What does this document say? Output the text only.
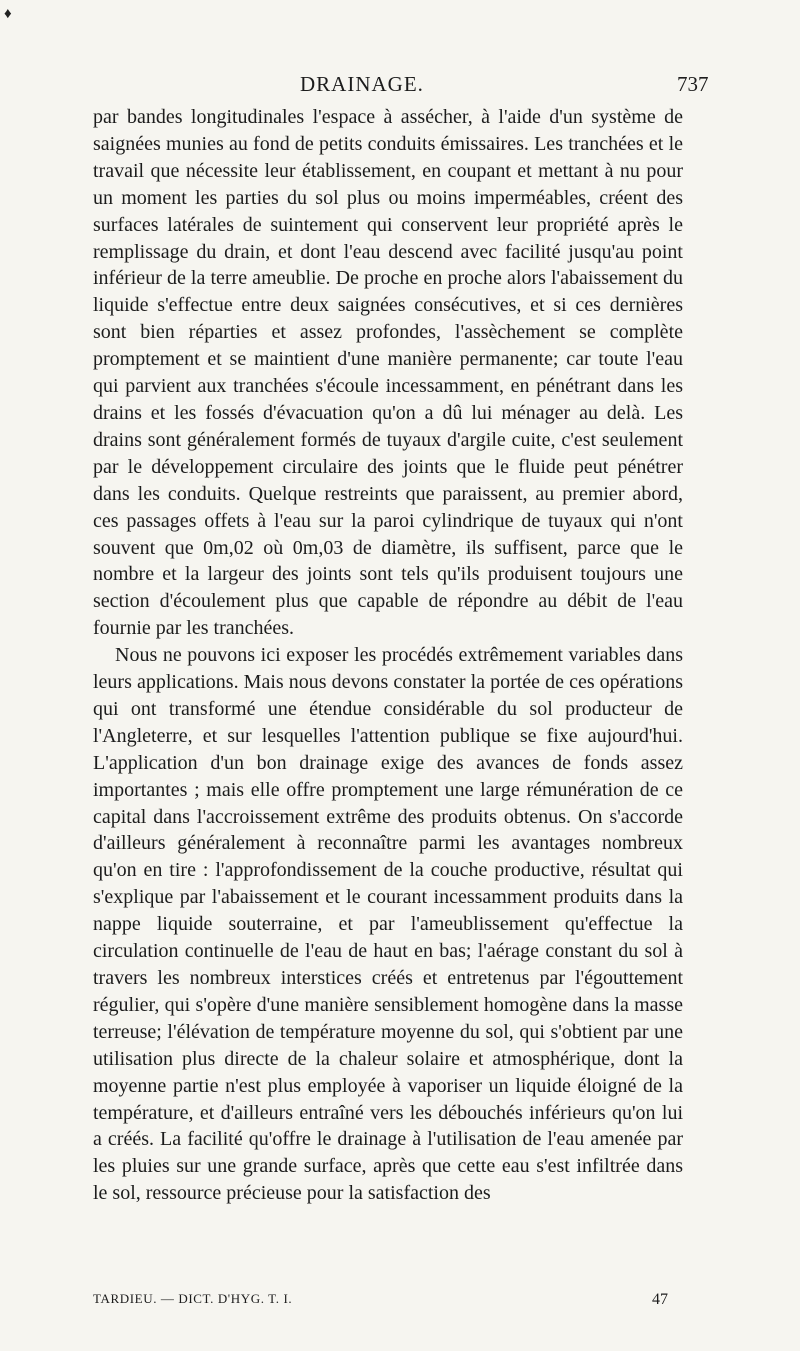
♦
DRAINAGE.	737

par bandes longitudinales l'espace à assécher, à l'aide d'un système de saignées munies au fond de petits conduits émissaires. Les tranchées et le travail que nécessite leur établissement, en coupant et mettant à nu pour un moment les parties du sol plus ou moins imperméables, créent des surfaces latérales de suintement qui conservent leur propriété après le remplissage du drain, et dont l'eau descend avec facilité jusqu'au point inférieur de la terre ameublie. De proche en proche alors l'abaissement du liquide s'effectue entre deux saignées consécutives, et si ces dernières sont bien réparties et assez profondes, l'assèchement se complète promptement et se maintient d'une manière permanente; car toute l'eau qui parvient aux tranchées s'écoule incessamment, en pénétrant dans les drains et les fossés d'évacuation qu'on a dû lui ménager au delà. Les drains sont généralement formés de tuyaux d'argile cuite, c'est seulement par le développement circulaire des joints que le fluide peut pénétrer dans les conduits. Quelque restreints que paraissent, au premier abord, ces passages offets à l'eau sur la paroi cylindrique de tuyaux qui n'ont souvent que 0m,02 où 0m,03 de diamètre, ils suffisent, parce que le nombre et la largeur des joints sont tels qu'ils produisent toujours une section d'écoulement plus que capable de répondre au débit de l'eau fournie par les tranchées.

Nous ne pouvons ici exposer les procédés extrêmement variables dans leurs applications. Mais nous devons constater la portée de ces opérations qui ont transformé une étendue considérable du sol producteur de l'Angleterre, et sur lesquelles l'attention publique se fixe aujourd'hui. L'application d'un bon drainage exige des avances de fonds assez importantes ; mais elle offre promptement une large rémunération de ce capital dans l'accroissement extrême des produits obtenus. On s'accorde d'ailleurs généralement à reconnaître parmi les avantages nombreux qu'on en tire : l'approfondissement de la couche productive, résultat qui s'explique par l'abaissement et le courant incessamment produits dans la nappe liquide souterraine, et par l'ameublissement qu'effectue la circulation continuelle de l'eau de haut en bas; l'aérage constant du sol à travers les nombreux interstices créés et entretenus par l'égouttement régulier, qui s'opère d'une manière sensiblement homogène dans la masse terreuse; l'élévation de température moyenne du sol, qui s'obtient par une utilisation plus directe de la chaleur solaire et atmosphérique, dont la moyenne partie n'est plus employée à vaporiser un liquide éloigné de la température, et d'ailleurs entraîné vers les débouchés inférieurs qu'on lui a créés. La facilité qu'offre le drainage à l'utilisation de l'eau amenée par les pluies sur une grande surface, après que cette eau s'est infiltrée dans le sol, ressource précieuse pour la satisfaction des

TARDIEU. — DICT. D'HYG. T. I.	47
